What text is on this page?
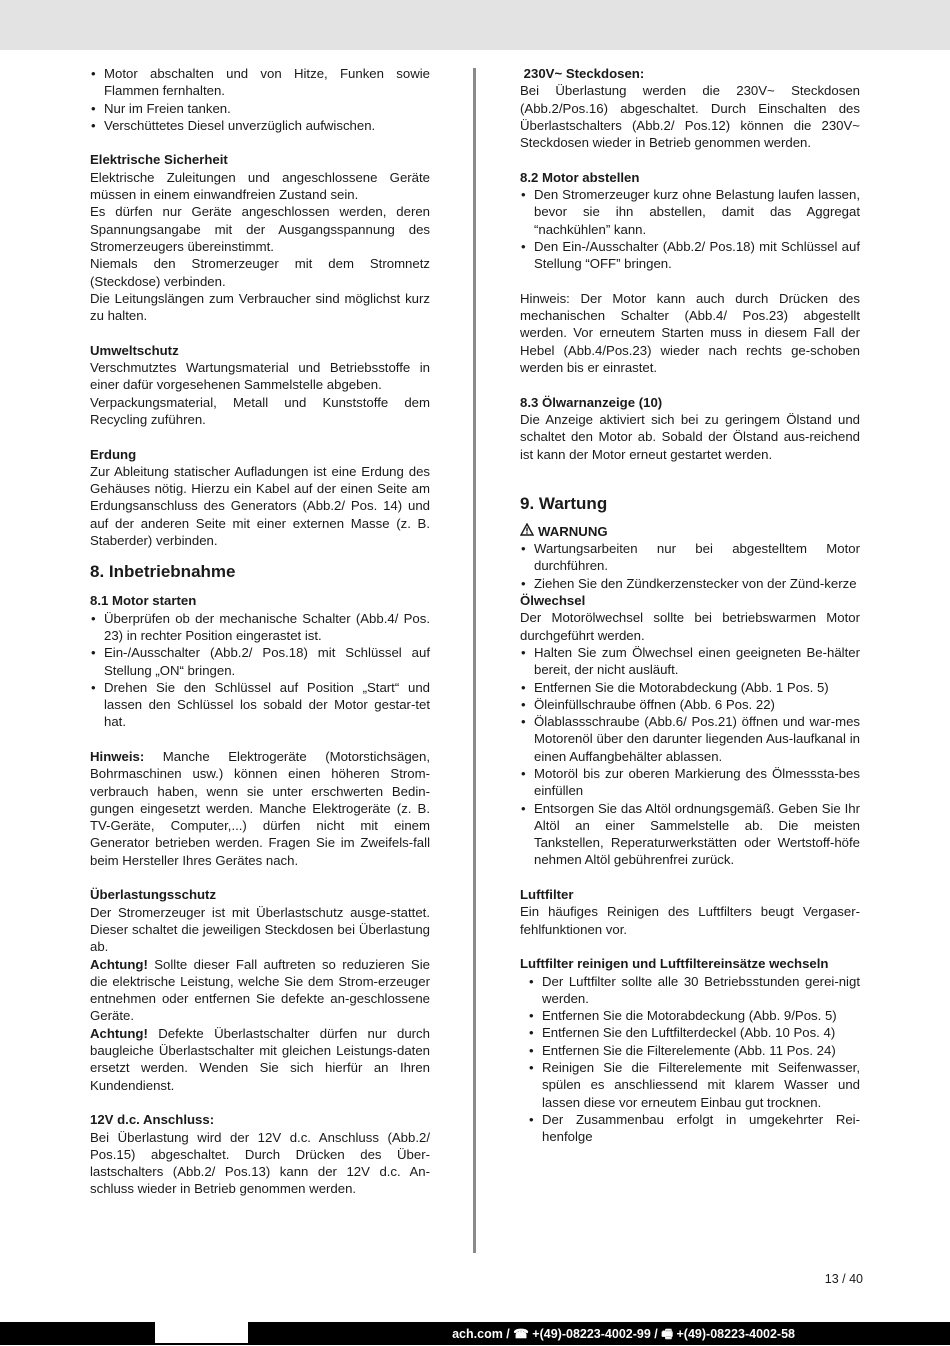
• Motor abschalten und von Hitze, Funken sowie Flammen fernhalten.
• Nur im Freien tanken.
• Verschüttetes Diesel unverzüglich aufwischen.
Elektrische Sicherheit

Elektrische Zuleitungen und angeschlossene Geräte müssen in einem einwandfreien Zustand sein.

Es dürfen nur Geräte angeschlossen werden, deren Spannungsangabe mit der Ausgangsspannung des Stromerzeugers übereinstimmt.

Niemals den Stromerzeuger mit dem Stromnetz (Steckdose) verbinden.

Die Leitungslängen zum Verbraucher sind möglichst kurz zu halten.

Umweltschutz

Verschmutztes Wartungsmaterial und Betriebsstoffe in einer dafür vorgesehenen Sammelstelle abgeben.

Verpackungsmaterial, Metall und Kunststoffe dem Recycling zuführen.

Erdung

Zur Ableitung statischer Aufladungen ist eine Erdung des Gehäuses nötig. Hierzu ein Kabel auf der einen Seite am Erdungsanschluss des Generators (Abb.2/ Pos. 14) und auf der anderen Seite mit einer externen Masse (z. B. Staberder) verbinden.

8. Inbetriebnahme
8.1 Motor starten
• Überprüfen ob der mechanische Schalter (Abb.4/ Pos. 23) in rechter Position eingerastet ist.
• Ein-/Ausschalter (Abb.2/ Pos.18) mit Schlüssel auf Stellung „ON“ bringen.
• Drehen Sie den Schlüssel auf Position „Start“ und lassen den Schlüssel los sobald der Motor gestar-tet hat.

Hinweis: Manche Elektrogeräte (Motorstichsägen, Bohrmaschinen usw.) können einen höheren Strom-verbrauch haben, wenn sie unter erschwerten Bedin-gungen eingesetzt werden. Manche Elektrogeräte (z. B. TV-Geräte, Computer,...) dürfen nicht mit einem Generator betrieben werden. Fragen Sie im Zweifels-fall beim Hersteller Ihres Gerätes nach.

Überlastungsschutz

Der Stromerzeuger ist mit Überlastschutz ausge-stattet. Dieser schaltet die jeweiligen Steckdosen bei Überlastung ab.

Achtung! Sollte dieser Fall auftreten so reduzieren Sie die elektrische Leistung, welche Sie dem Strom-erzeuger entnehmen oder entfernen Sie defekte an-geschlossene Geräte.

Achtung! Defekte Überlastschalter dürfen nur durch baugleiche Überlastschalter mit gleichen Leistungs-daten ersetzt werden. Wenden Sie sich hierfür an Ihren Kundendienst.

12V d.c. Anschluss:

Bei Überlastung wird der 12V d.c. Anschluss (Abb.2/ Pos.15) abgeschaltet. Durch Drücken des Über-lastschalters (Abb.2/ Pos.13) kann der 12V d.c. An-schluss wieder in Betrieb genommen werden.

230V~ Steckdosen:

Bei Überlastung werden die 230V~ Steckdosen (Abb.2/Pos.16) abgeschaltet. Durch Einschalten des Überlastschalters (Abb.2/ Pos.12) können die 230V~ Steckdosen wieder in Betrieb genommen werden.

8.2 Motor abstellen
• Den Stromerzeuger kurz ohne Belastung laufen lassen, bevor sie ihn abstellen, damit das Aggregat “nachkühlen” kann.
• Den Ein-/Ausschalter (Abb.2/ Pos.18) mit Schlüssel auf Stellung “OFF” bringen.

Hinweis: Der Motor kann auch durch Drücken des mechanischen Schalter (Abb.4/ Pos.23) abgestellt werden. Vor erneutem Starten muss in diesem Fall der Hebel (Abb.4/Pos.23) wieder nach rechts ge-schoben werden bis er einrastet.

8.3 Ölwarnanzeige (10)

Die Anzeige aktiviert sich bei zu geringem Ölstand und schaltet den Motor ab. Sobald der Ölstand aus-reichend ist kann der Motor erneut gestartet werden.

9. Wartung
WARNUNG
• Wartungsarbeiten nur bei abgestelltem Motor durchführen.
• Ziehen Sie den Zündkerzenstecker von der Zünd-kerze
Ölwechsel

Der Motorölwechsel sollte bei betriebswarmen Motor durchgeführt werden.

• Halten Sie zum Ölwechsel einen geeigneten Be-hälter bereit, der nicht ausläuft.
• Entfernen Sie die Motorabdeckung (Abb. 1 Pos. 5)
• Öleinfüllschraube öffnen (Abb. 6 Pos. 22)
• Ölablassschraube (Abb.6/ Pos.21) öffnen und war-mes Motorenöl über den darunter liegenden Aus-laufkanal in einen Auffangbehälter ablassen.
• Motoröl bis zur oberen Markierung des Ölmesssta-bes einfüllen
• Entsorgen Sie das Altöl ordnungsgemäß. Geben Sie Ihr Altöl an einer Sammelstelle ab. Die meisten Tankstellen, Reperaturwerkstätten oder Wertstoff-höfe nehmen Altöl gebührenfrei zurück.
Luftfilter

Ein häufiges Reinigen des Luftfilters beugt Vergaser-fehlfunktionen vor.

Luftfilter reinigen und Luftfiltereinsätze wechseln
• Der Luftfilter sollte alle 30 Betriebsstunden gerei-nigt werden.
• Entfernen Sie die Motorabdeckung (Abb. 9/Pos. 5)
• Entfernen Sie den Luftfilterdeckel (Abb. 10 Pos. 4)
• Entfernen Sie die Filterelemente (Abb. 11 Pos. 24)
• Reinigen Sie die Filterelemente mit Seifenwasser, spülen es anschliessend mit klarem Wasser und lassen diese vor erneutem Einbau gut trocknen.
• Der Zusammenbau erfolgt in umgekehrter Rei-henfolge
13 / 40
ach.com / ☎ +(49)-08223-4002-99 / 🖷 +(49)-08223-4002-58
